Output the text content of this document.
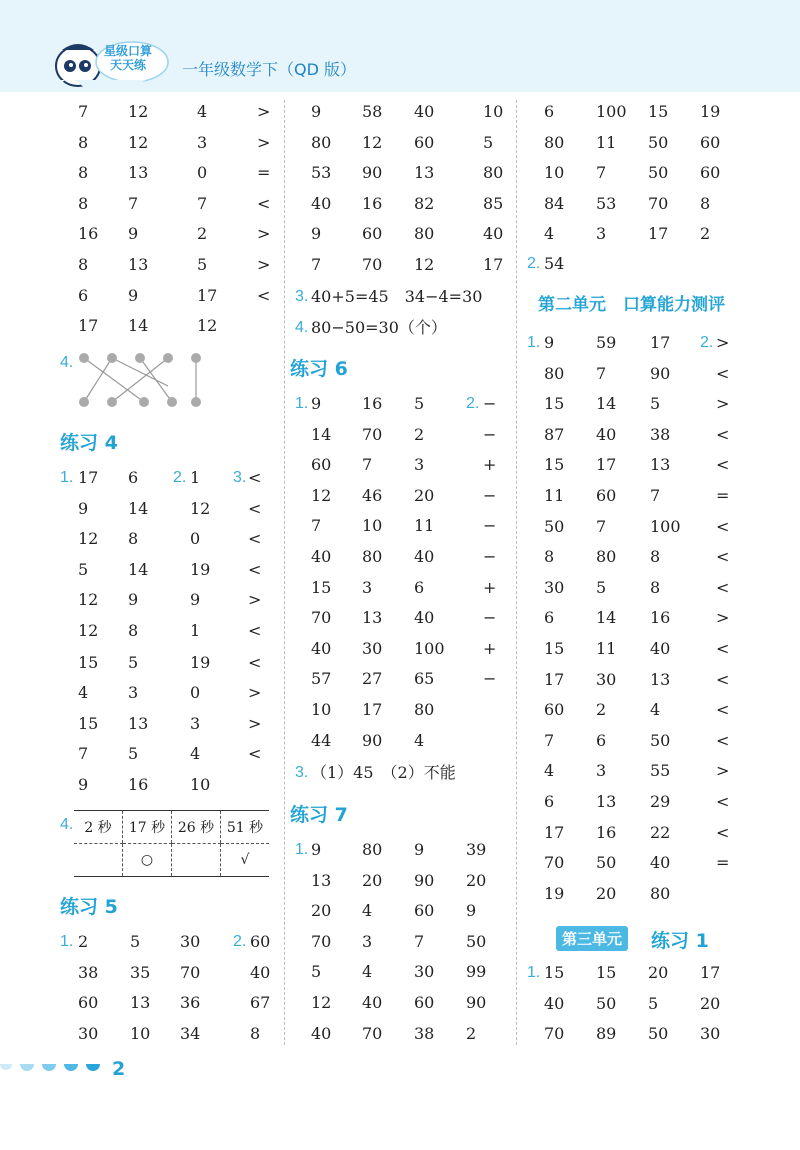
星级口算
天天练	一年级数学下（QD 版）
7 12	4	>
8 12	3	>
8 13	0	=
8 7	7	<
16 9	2	>
8 13	5	>
6 9	17 <
17 14	12
4.
练习 4
1. 17 6 2. 1 3. <
9 14	12 <
12 8	0	<
5 14	19 <
12 9	9	>
12 8	1	<
15 5	19 <
4 3	0	>
15 13	3	>
7 5	4	<
9 16	10
4. 2 秒	17 秒	26 秒	51 秒
	○		√
练习 5
1. 2	5 30 2. 60
38 35 70	40
60 13 36	67
30 10 34	8
9	58 40	10
80 12 60	5
53 90 13	80
40 16 82	85
9	60 80	40
7	70 12	17
3. 40+5=45　34−4=30
4. 80−50=30（个）
练习 6
1. 9	16 5	2. −
14 70 2	−
60 7	3	+
12 46 20	−
7	10 11	−
40 80 40	−
15 3	6	+
70 13 40	−
40 30 100 +
57 27 65	−
10 17 80
44 90 4
3. （1）45　（2）不能
练习 7
1. 9	80 9	39
13 20 90 20
20 4	60 9
70 3	7	50
5	4	30 99
12 40 60 90
40 70 38 2
6	100 15 19
80 11 50 60
10 7	50 60
84 53 70 8
4	3	17 2
2. 54
第二单元　口算能力测评
1. 9	59 17 2. >
80 7	90	<
15 14 5	>
87 40 38	<
15 17 13	<
11 60 7	=
50 7	100 <
8	80 8	<
30 5	8	<
6	14 16	>
15 11 40	<
17 30 13	<
60 2	4	<
7	6	50	<
4	3	55	>
6	13 29	<
17 16 22	<
70 50 40	=
19 20 80
第三单元	练习 1
1. 15 15 20 17
40 50 5	20
70 89 50 30
2
